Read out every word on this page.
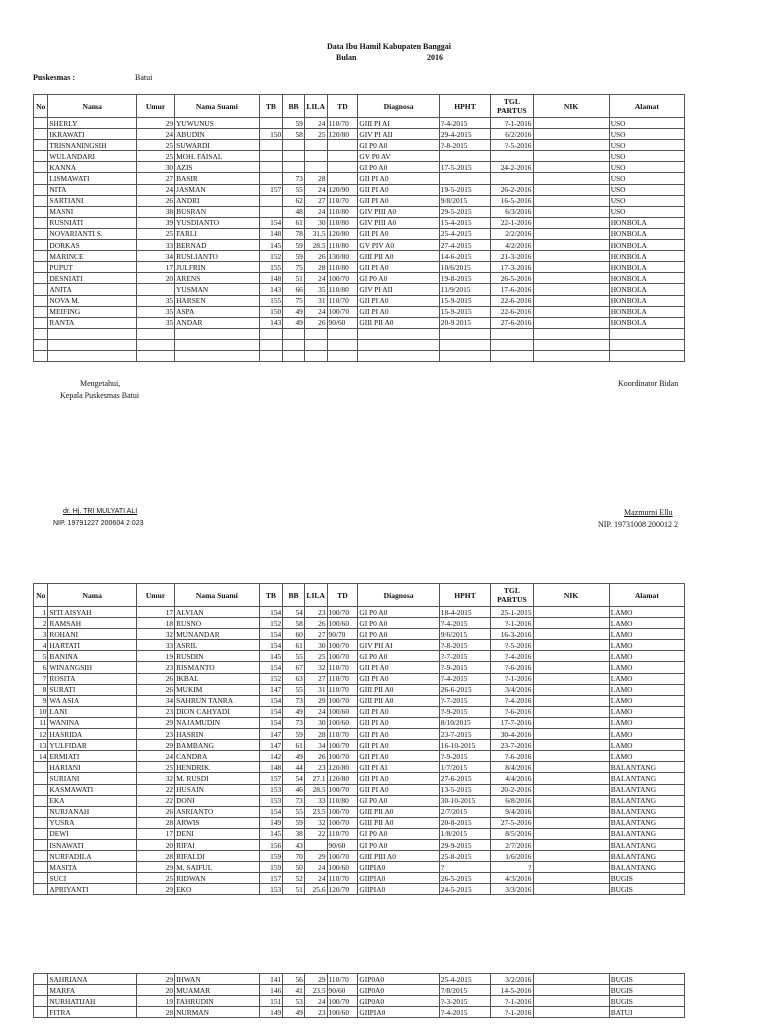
Data Ibu Hamil Kabupaten Banggai
Bulan	2016
Puskesmas :	Batui
No	Nama	Umur	Nama Suami	TB	BB	LILA	TD	Diagnosa	HPHT	TGL
PARTUS	NIK	Alamat
	SHERLY	29	YUWUNUS		59	24	110/70	GIII PI AI	?-4-2015	?-1-2016		USO
	IKRAWATI	24	ABUDIN	150	58	25	120/80	GIV PI AII	29-4-2015	6/2/2016		USO
	TRISNANINGSIH	25	SUWARDI					GI P0 A0	?-8-2015	?-5-2016		USO
	WULANDARI	25	MOH. FAISAL					GV P0 AV				USO
	KANNA	30	AZIS					GI P0 A0	17-5-2015	24-2-2016		USO
	LISMAWATI	27	BASIR		73	28		GII PI A0				USO
	NITA	24	JASMAN	157	55	24	120/90	GII PI A0	19-5-2015	26-2-2016		USO
	SARTIANI	26	ANDRI		62	27	110/70	GII PI A0	9/8/2015	16-5-2016		USO
	MASNI	38	BUSRAN		48	24	110/80	GIV PIII A0	29-5-2015	6/3/2016		USO
	RUSNIATI	39	YUSDIANTO	154	61	30	110/80	GIV PIII A0	15-4-2015	22-1-2016		HONBOLA
	NOVARIANTI S.	25	FARLI	148	78	31.5	120/80	GII PI A0	25-4-2015	2/2/2016		HONBOLA
	DORKAS	33	BERNAD	145	59	28.5	110/80	GV PIV A0	27-4-2015	4/2/2016		HONBOLA
	MARINCE	34	RUSLIANTO	152	59	26	130/80	GIII PII A0	14-6-2015	21-3-2016		HONBOLA
	PUPUT	17	JULFRIN	155	75	28	110/80	GII PI A0	10/6/2015	17-3-2016		HONBOLA
	DESNIATI	20	ARENS	148	51	24	100/70	GI P0 A0	19-8-2015	26-5-2016		HONBOLA
	ANITA		YUSMAN	143	66	35	110/80	GIV PI AII	11/9/2015	17-6-2016		HONBOLA
	NOVA M.	35	HARSEN	155	75	31	110/70	GII PI A0	15-9-2015	22-6-2016		HONBOLA
	MEIFING	35	ASPA	150	49	24	100/70	GII PI A0	15-9-2015	22-6-2016		HONBOLA
	RANTA	35	ANDAR	143	49	26	90/60	GIII PII A0	20-9 2015	27-6-2016		HONBOLA

Mengetahui,
Kepala Puskesmas Batui
Koordinator Bidan
dr. Hj. TRI MULYATI ALI
NIP. 19791227 200604 2 023
Mazmurni Ellu
NIP. 19731008 200012 2
No	Nama	Umur	Nama Suami	TB	BB	LILA	TD	Diagnosa	HPHT	TGL
PARTUS	NIK	Alamat
1	SITI AISYAH	17	ALVIAN	154	54	23	100/70	GI P0 A0	18-4-2015	25-1-2015		LAMO
2	RAMSAH	18	RUSNO	152	58	26	100/60	GI P0 A0	?-4-2015	?-1-2016		LAMO
3	ROHANI	32	MUNANDAR	154	60	27	90/70	GI P0 A0	9/6/2015	16-3-2016		LAMO
4	HARTATI	33	ASRIL	154	61	30	100/70	GIV PII AI	?-8-2015	?-5-2016		LAMO
5	BANINA	19	RUSDIN	145	55	25	100/70	GI P0 A0	?-7-2015	?-4-2016		LAMO
6	WINANGSIH	23	RISMANTO	154	67	32	110/70	GII PI A0	?-9-2015	?-6-2016		LAMO
7	ROSITA	26	IKBAL	152	63	27	110/70	GII PI A0	?-4-2015	?-1-2016		LAMO
8	SURATI	26	MUKIM	147	55	31	110/70	GIII PII A0	26-6-2015	3/4/2016		LAMO
9	WA ASIA	34	SAHRUN TANRA	154	73	29	100/70	GIII PII A0	?-7-2015	?-4-2016		LAMO
10	LANI	23	DION CAHYADI	154	49	24	100/60	GII PI A0	?-9-2015	?-6-2016		LAMO
11	WANINA	29	NAJAMUDIN	154	73	30	100/60	GII PI A0	8/10/2015	17-7-2016		LAMO
12	HASRIDA	23	HASRIN	147	59	28	110/70	GII PI A0	23-7-2015	30-4-2016		LAMO
13	YULFIDAR	29	BAMBANG	147	61	34	100/70	GII PI A0	16-10-2015	23-7-2016		LAMO
14	ERMIATI	24	CANDRA	142	49	26	100/70	GII PI A0	?-9-2015	?-6-2016		LAMO
	HARIANI	25	HENDRIK	148	44	23	120/80	GII PI AI	1/7/2015	8/4/2016		BALANTANG
	SURIANI	32	M. RUSDI	157	54	27.1	120/80	GII PI A0	27-6-2015	4/4/2016		BALANTANG
	KASMAWATI	22	HUSAIN	153	46	28.5	100/70	GII PI A0	13-5-2015	20-2-2016		BALANTANG
	EKA	22	DONI	153	73	33	110/80	GI P0 A0	30-10-2015	6/8/2016		BALANTANG
	NURJANAH	26	ASRIANTO	154	55	23.5	100/70	GIII PII A0	2/7/2015	9/4/2016		BALANTANG
	YUSRA	28	ARWIS	149	59	32	100/70	GIII PII A0	20-8-2015	27-5-2016		BALANTANG
	DEWI	17	DENI	145	38	22	110/70	GI P0 A0	1/8/2015	8/5/2016		BALANTANG
	ISNAWATI	20	RIFAI	156	43		90/60	GI P0 A0	29-9-2015	2/7/2016		BALANTANG
	NURFADILA	28	RIFALDI	159	70	29	100/70	GIII PIII A0	25-8-2015	1/6/2016		BALANTANG
	MASITA	29	M. SAIFUL	159	50	24	100/60	GIIPIA0	?	?		BALANTANG
	SUCI	25	RIDWAN	157	52	24	110/70	GIIPIA0	26-5-2015	4/3/2016		BUGIS
	APRIYANTI	29	EKO	153	51	25.6	120/70	GIIPIA0	24-5-2015	3/3/2016		BUGIS
	SAHRIANA	29	IHWAN	141	56	29	110/70	GIP0A0	25-4-2015	3/2/2016		BUGIS
	MARFA	20	MUAMAR	146	41	23.5	90/60	GIP0A0	7/8/2015	14-5-2016		BUGIS
	NURHATIJAH	19	FAHRUDIN	151	53	24	100/70	GIP0A0	?-3-2015	?-1-2016		BUGIS
	FITRA	28	NURMAN	149	49	23	100/60	GIIPIA0	?-4-2015	?-1-2016		BATUI
